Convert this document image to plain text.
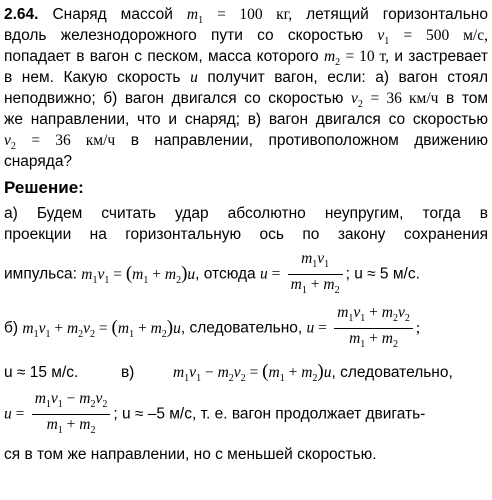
2.64. Снаряд массой $m_1 = 100$ кг, летящий горизонтально
вдоль железнодорожного пути со скоростью $v_1 = 500$ м/с,
попадает в вагон с песком, масса которого $m_2 = 10$ т, и застревает
в нем. Какую скорость u получит вагон, если: а) вагон стоял
неподвижно; б) вагон двигался со скоростью $v_2 = 36$ км/ч в том
же направлении, что и снаряд; в) вагон двигался со скоростью
$v_2 = 36$ км/ч в направлении, противоположном движению
снаряда?
Решение:
а) Будем считать удар абсолютно неупругим, тогда в
проекции на горизонтальную ось по закону сохранения
импульса: $m_1v_1 = (m_1 + m_2)u$, отсюда $u = \frac{m_1v_1}{m_1 + m_2}$ ; u ≈ 5 м/с.
б) $m_1v_1 + m_2v_2 = (m_1 + m_2)u$, следовательно, $u = \frac{m_1v_1 + m_2v_2}{m_1 + m_2}$ ;
u ≈ 15 м/с.	в) $m_1v_1 - m_2v_2 = (m_1 + m_2)u$, следовательно,
$u = \frac{m_1v_1 - m_2v_2}{m_1 + m_2}$ ; u ≈ –5 м/с, т. е. вагон продолжает двигать-
ся в том же направлении, но с меньшей скоростью.
